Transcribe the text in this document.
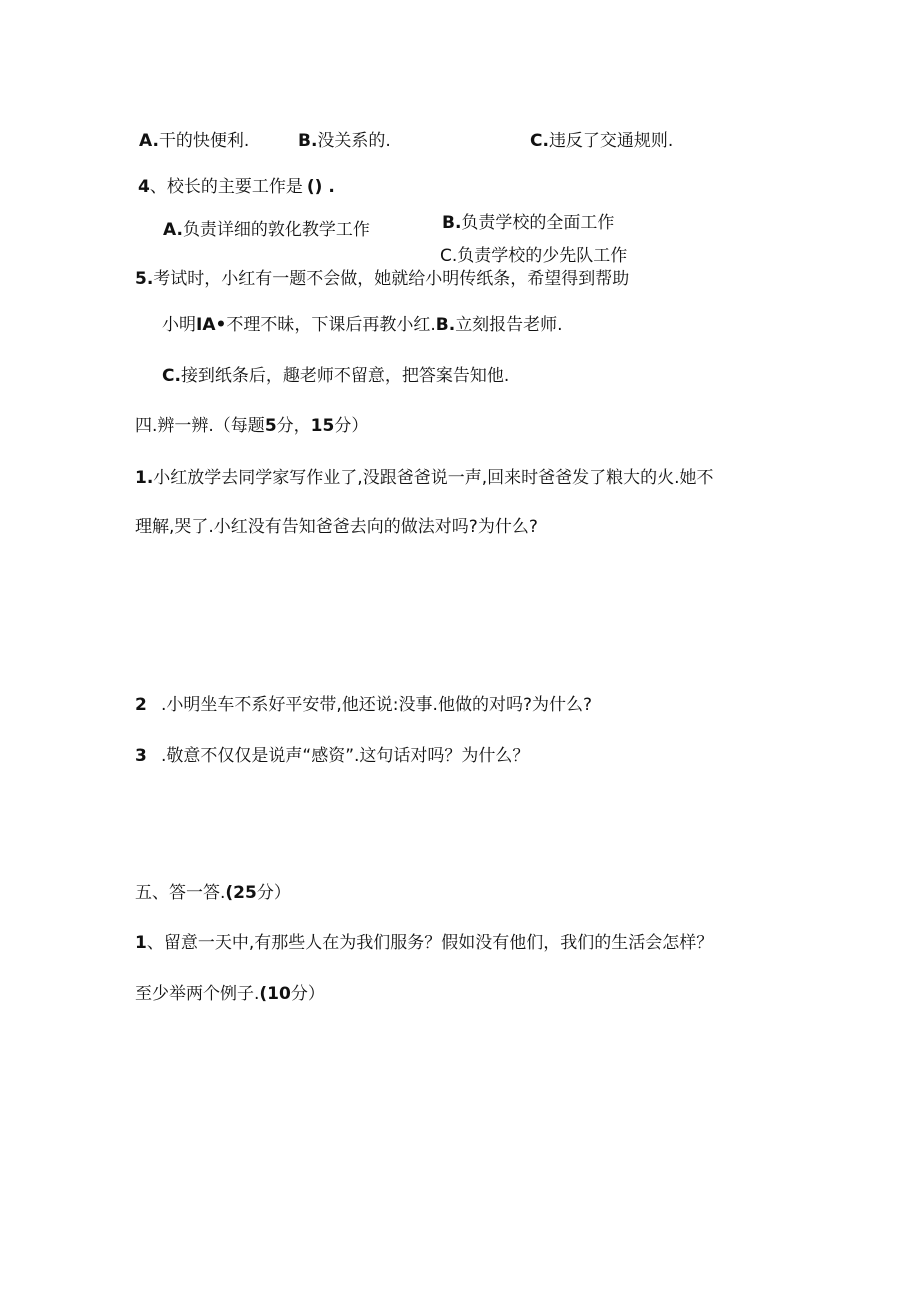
A.干的快便利.	B.没关系的.	C.违反了交通规则.
4、校长的主要工作是 () .
A.负责详细的敦化教学工作	B.负责学校的全面工作
C.负责学校的少先队工作
5.考试时，小红有一题不会做，她就给小明传纸条，希望得到帮助
小明IA•不理不昧，下课后再教小红.B.立刻报告老师.
C.接到纸条后，趣老师不留意，把答案告知他.
四.辨一辨.（每题5分，15分）
1.小红放学去同学家写作业了,没跟爸爸说一声,回来时爸爸发了粮大的火.她不
理解,哭了.小红没有告知爸爸去向的做法对吗?为什么?
2 .小明坐车不系好平安带,他还说:没事.他做的对吗?为什么?
3 .敬意不仅仅是说声“感资”.这句话对吗？为什么？
五、答一答.(25分）
1、留意一天中,有那些人在为我们服务？假如没有他们，我们的生活会怎样？
至少举两个例子.(10分）
